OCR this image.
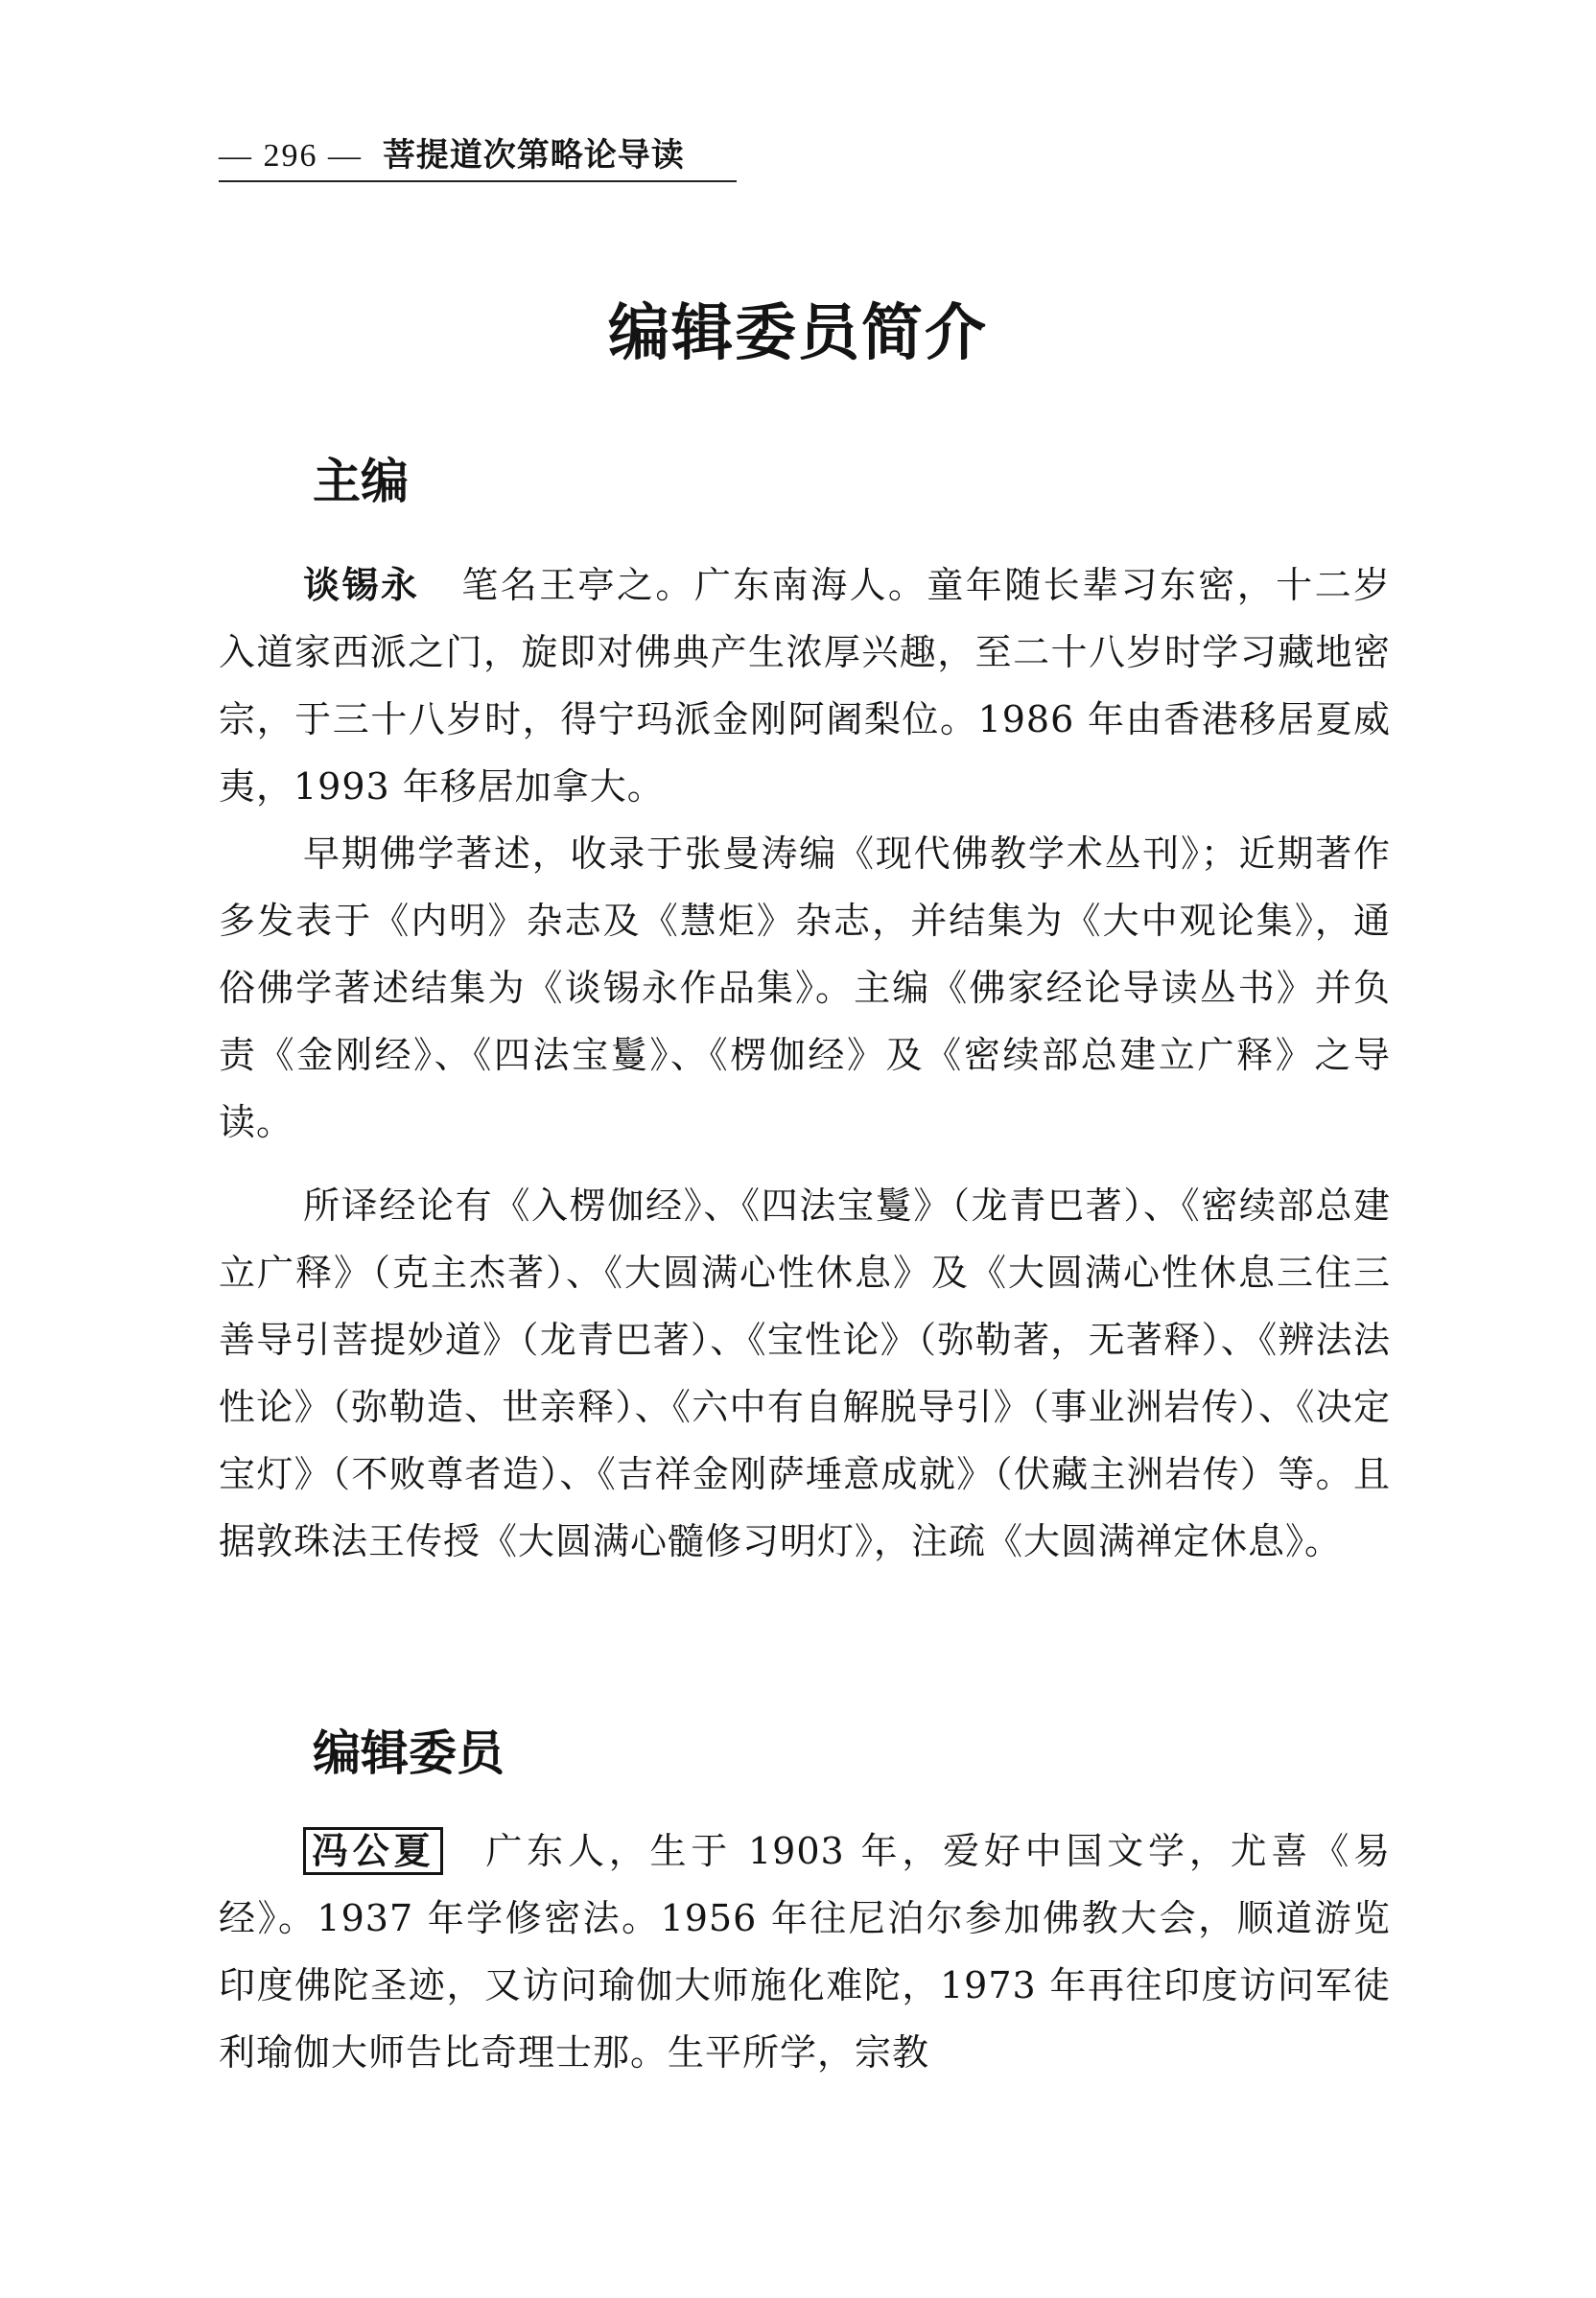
— 296 — 菩提道次第略论导读
编辑委员简介
主编

谈锡永 笔名王亭之。广东南海人。童年随长辈习东密，十二岁入道家西派之门，旋即对佛典产生浓厚兴趣，至二十八岁时学习藏地密宗，于三十八岁时，得宁玛派金刚阿阇梨位。1986 年由香港移居夏威夷，1993 年移居加拿大。

早期佛学著述，收录于张曼涛编《现代佛教学术丛刊》；近期著作多发表于《内明》杂志及《慧炬》杂志，并结集为《大中观论集》，通俗佛学著述结集为《谈锡永作品集》。主编《佛家经论导读丛书》并负责《金刚经》、《四法宝鬘》、《楞伽经》及《密续部总建立广释》之导读。

所译经论有《入楞伽经》、《四法宝鬘》（龙青巴著）、《密续部总建立广释》（克主杰著）、《大圆满心性休息》及《大圆满心性休息三住三善导引菩提妙道》（龙青巴著）、《宝性论》（弥勒著，无著释）、《辨法法性论》（弥勒造、世亲释）、《六中有自解脱导引》（事业洲岩传）、《决定宝灯》（不败尊者造）、《吉祥金刚萨埵意成就》（伏藏主洲岩传）等。且据敦珠法王传授《大圆满心髓修习明灯》，注疏《大圆满禅定休息》。

编辑委员

冯公夏 广东人，生于 1903 年，爱好中国文学，尤喜《易经》。1937 年学修密法。1956 年往尼泊尔参加佛教大会，顺道游览印度佛陀圣迹，又访问瑜伽大师施化难陀，1973 年再往印度访问军徒利瑜伽大师告比奇理士那。生平所学，宗教
